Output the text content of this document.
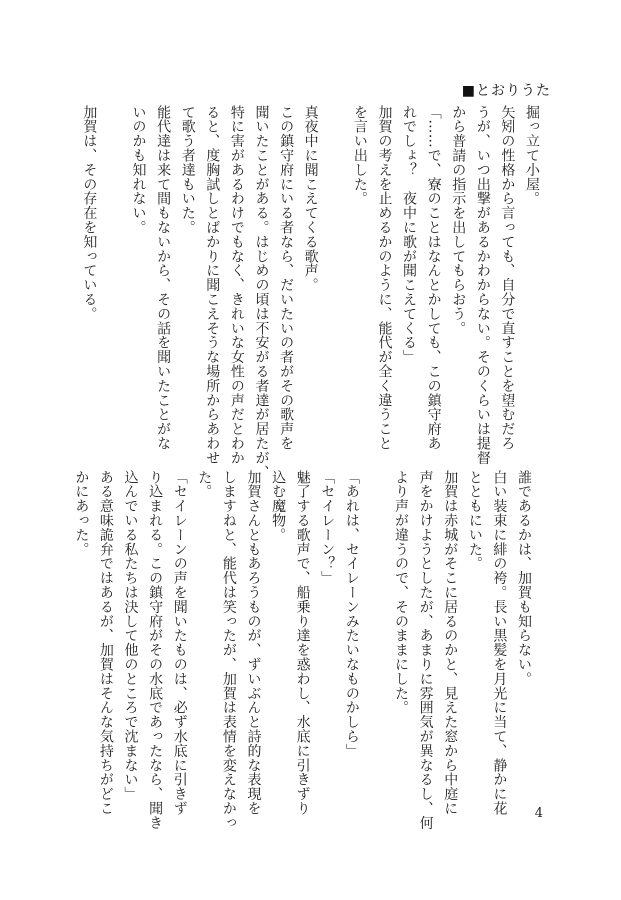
■とおりうた
掘っ立て小屋。
矢矧の性格から言っても、自分で直すことを望むだろ
うが、いつ出撃があるかわからない。そのくらいは提督
から普請の指示を出してもらおう。
「……で、寮のことはなんとかしても、この鎮守府あ
れでしょ？　夜中に歌が聞こえてくる」
加賀の考えを止めるかのように、能代が全く違うこと
を言い出した。
真夜中に聞こえてくる歌声。
この鎮守府にいる者なら、だいたいの者がその歌声を
聞いたことがある。はじめの頃は不安がる者達が居たが、
特に害があるわけでもなく、きれいな女性の声だとわか
ると、度胸試しとばかりに聞こえそうな場所からあわせ
て歌う者達もいた。
能代達は来て間もないから、その話を聞いたことがな
いのかも知れない。
加賀は、その存在を知っている。
誰であるかは、加賀も知らない。
白い装束に緋の袴。長い黒髪を月光に当て、静かに花
とともにいた。
加賀は赤城がそこに居るのかと、見えた窓から中庭に
声をかけようとしたが、あまりに雰囲気が異なるし、何
より声が違うので、そのままにした。
「あれは、セイレーンみたいなものかしら」
「セイレーン？」
魅了する歌声で、船乗り達を惑わし、水底に引きずり
込む魔物。
加賀さんともあろうものが、ずいぶんと詩的な表現を
しますねと、能代は笑ったが、加賀は表情を変えなかっ
た。
「セイレーンの声を聞いたものは、必ず水底に引きず
り込まれる。この鎮守府がその水底であったなら、聞き
込んでいる私たちは決して他のところで沈まない」
ある意味詭弁ではあるが、加賀はそんな気持ちがどこ
かにあった。
4
